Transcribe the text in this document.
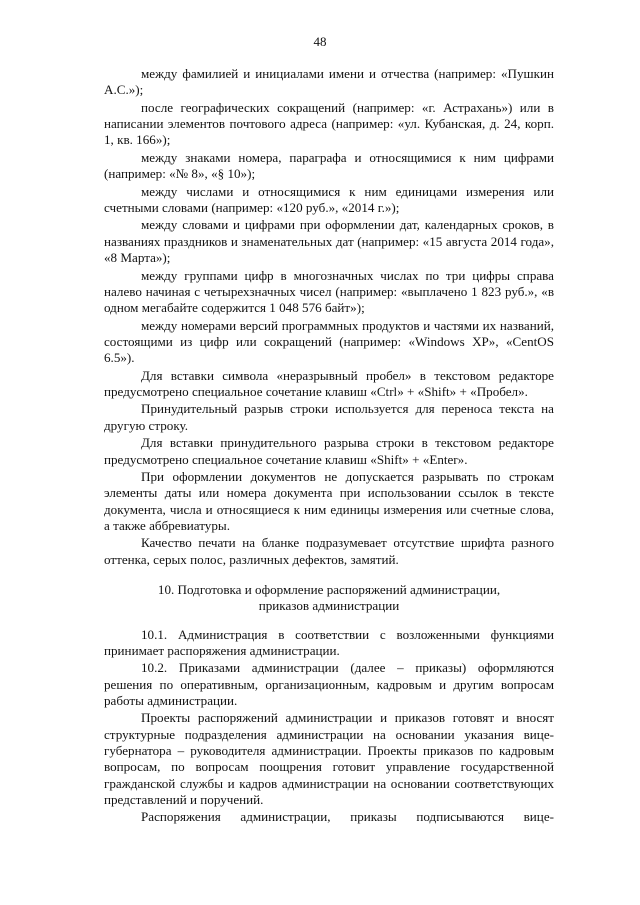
48

между фамилией и инициалами имени и отчества (например: «Пушкин А.С.»);

после географических сокращений (например: «г. Астрахань») или в написании элементов почтового адреса (например: «ул. Кубанская, д. 24, корп. 1, кв. 166»);

между знаками номера, параграфа и относящимися к ним цифрами (например: «№ 8», «§ 10»);

между числами и относящимися к ним единицами измерения или счетными словами (например: «120 руб.», «2014 г.»);

между словами и цифрами при оформлении дат, календарных сроков, в названиях праздников и знаменательных дат (например: «15 августа 2014 года», «8 Марта»);

между группами цифр в многозначных числах по три цифры справа налево начиная с четырехзначных чисел (например: «выплачено 1 823 руб.», «в одном мегабайте содержится 1 048 576 байт»);

между номерами версий программных продуктов и частями их названий, состоящими из цифр или сокращений (например: «Windows XP», «CentOS 6.5»).

Для вставки символа «неразрывный пробел» в текстовом редакторе предусмотрено специальное сочетание клавиш «Ctrl» + «Shift» + «Пробел».

Принудительный разрыв строки используется для переноса текста на другую строку.

Для вставки принудительного разрыва строки в текстовом редакторе предусмотрено специальное сочетание клавиш «Shift» + «Enter».

При оформлении документов не допускается разрывать по строкам элементы даты или номера документа при использовании ссылок в тексте документа, числа и относящиеся к ним единицы измерения или счетные слова, а также аббревиатуры.

Качество печати на бланке подразумевает отсутствие шрифта разного оттенка, серых полос, различных дефектов, замятий.

10. Подготовка и оформление распоряжений администрации,
приказов администрации

10.1. Администрация в соответствии с возложенными функциями принимает распоряжения администрации.

10.2. Приказами администрации (далее – приказы) оформляются решения по оперативным, организационным, кадровым и другим вопросам работы администрации.

Проекты распоряжений администрации и приказов готовят и вносят структурные подразделения администрации на основании указания вице-губернатора – руководителя администрации. Проекты приказов по кадровым вопросам, по вопросам поощрения готовит управление государственной гражданской службы и кадров администрации на основании соответствующих представлений и поручений.

Распоряжения администрации, приказы подписываются вице-
